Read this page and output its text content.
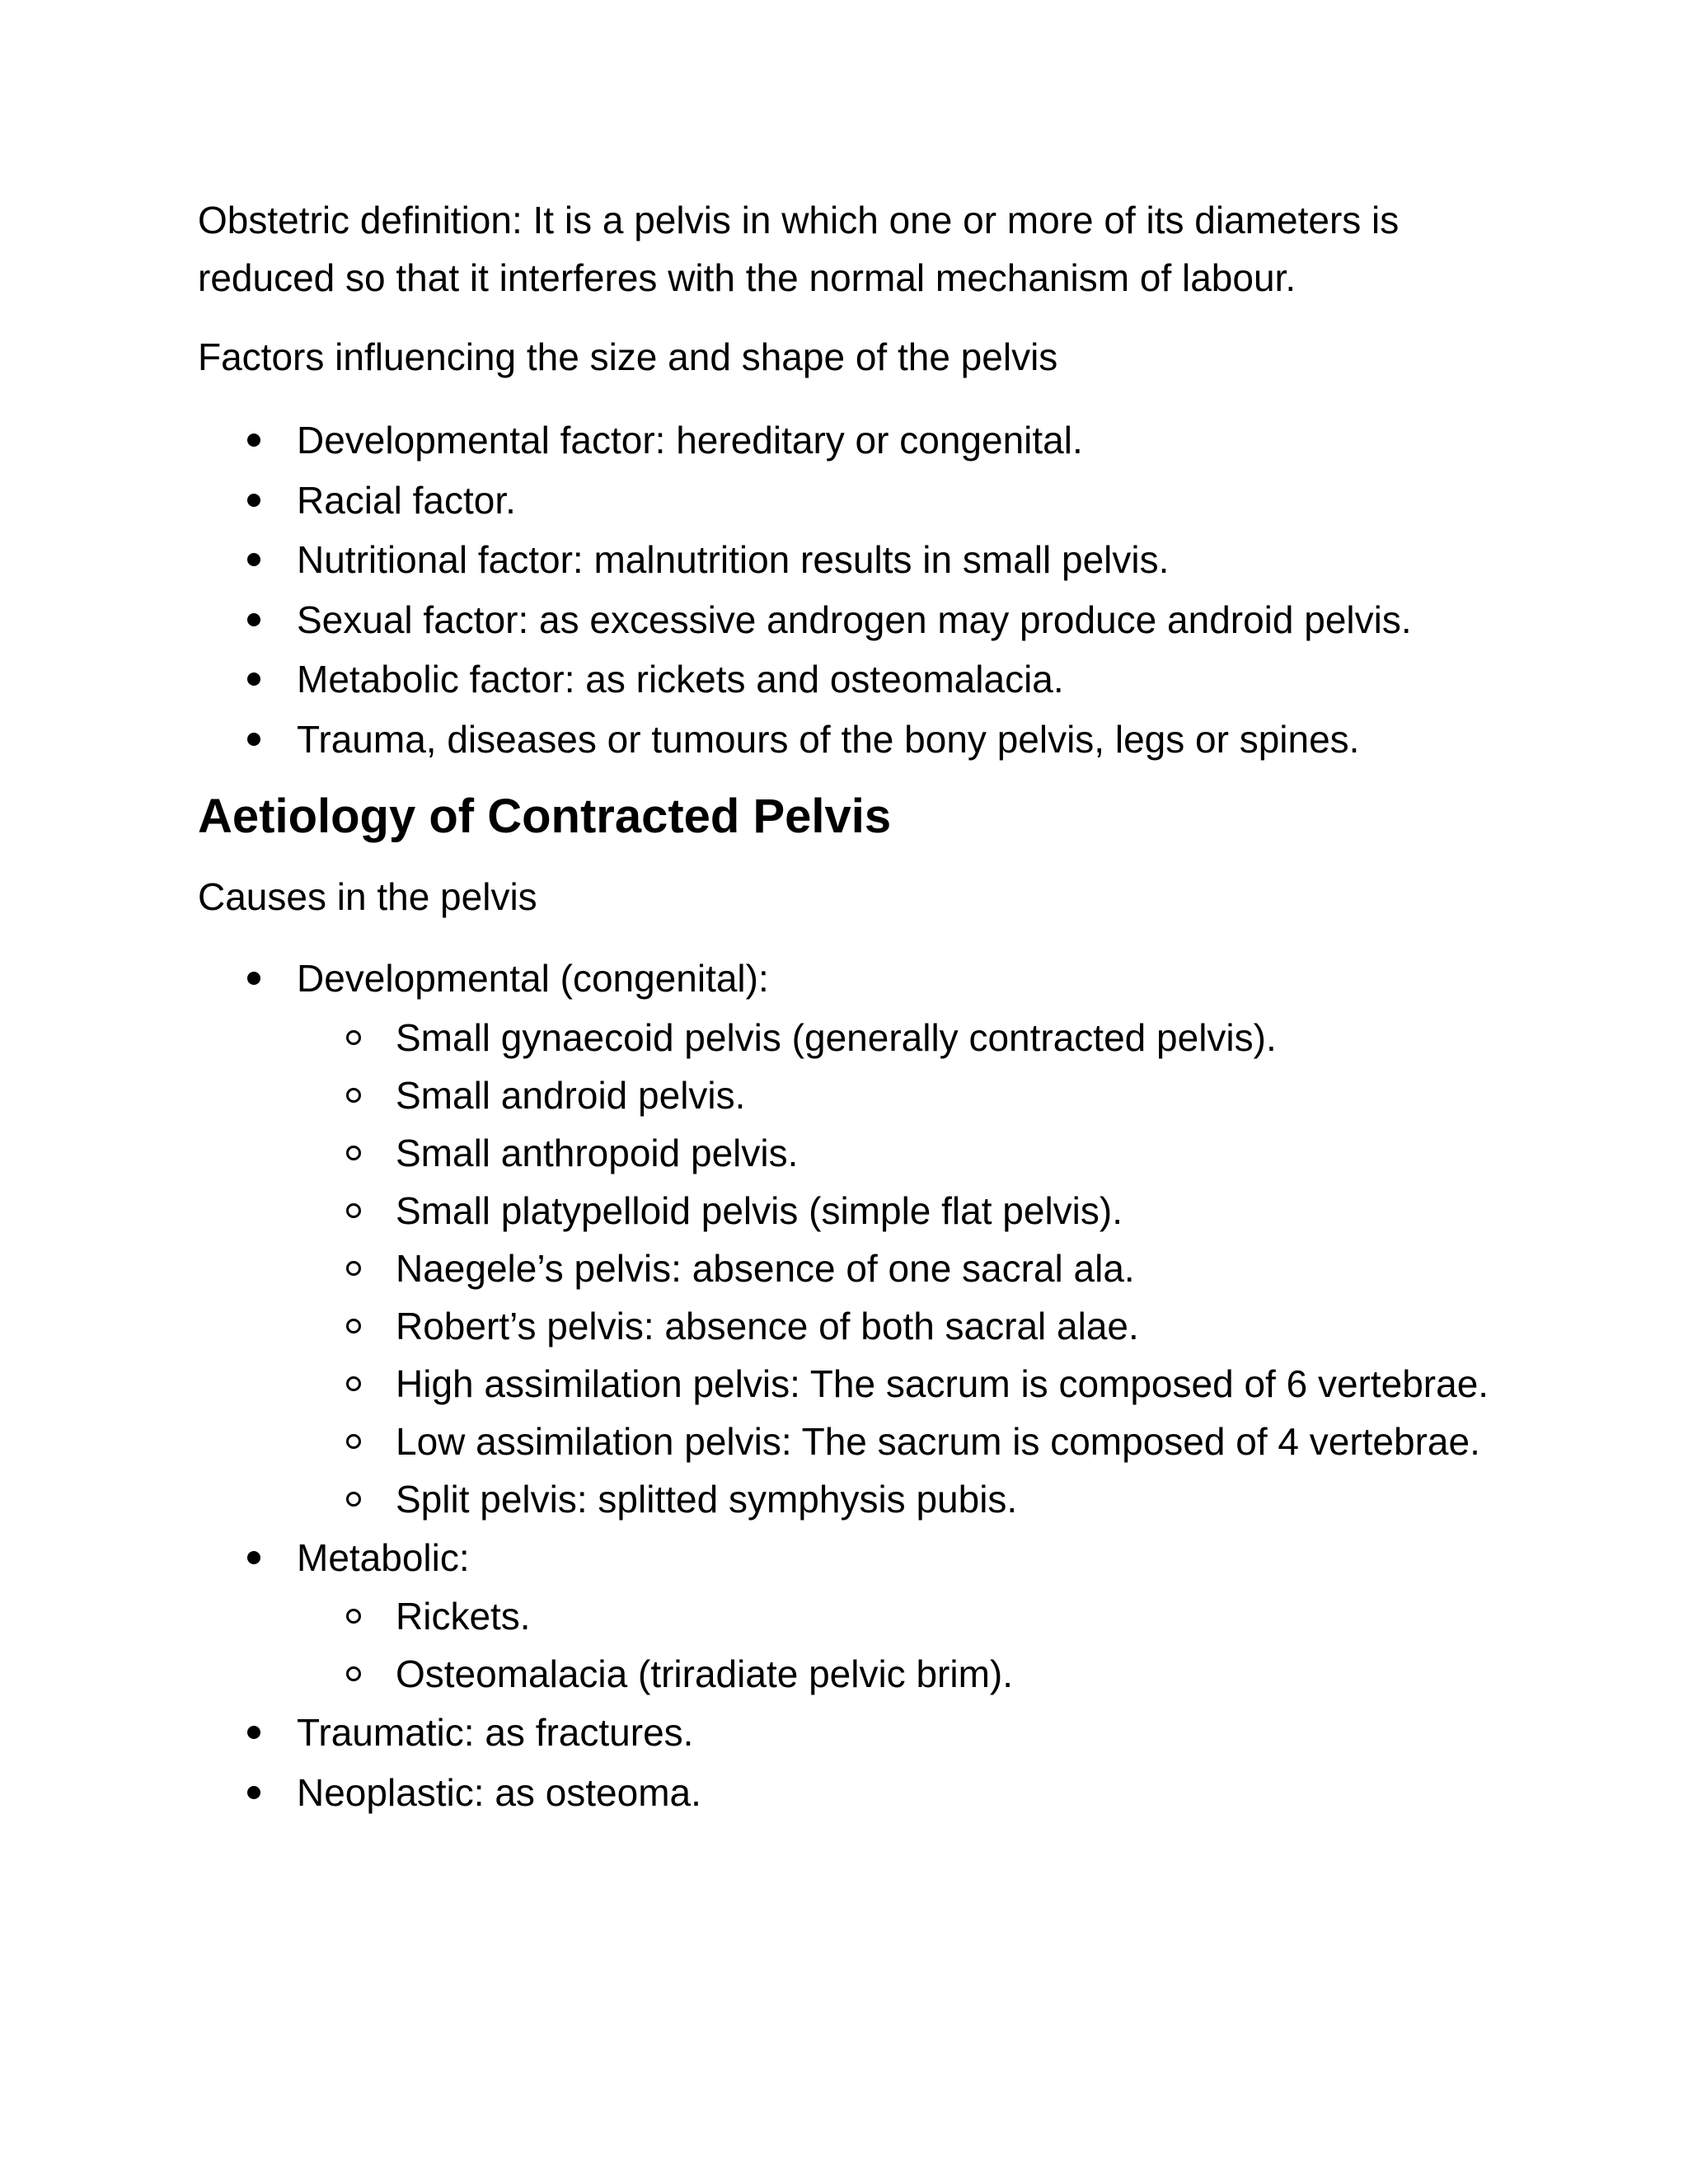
Obstetric definition: It is a pelvis in which one or more of its diameters is reduced so that it interferes with the normal mechanism of labour.

Factors influencing the size and shape of the pelvis

Developmental factor: hereditary or congenital.
Racial factor.
Nutritional factor: malnutrition results in small pelvis.
Sexual factor: as excessive androgen may produce android pelvis.
Metabolic factor: as rickets and osteomalacia.
Trauma, diseases or tumours of the bony pelvis, legs or spines.
Aetiology of Contracted Pelvis

Causes in the pelvis

Developmental (congenital):
Small gynaecoid pelvis (generally contracted pelvis).
Small android pelvis.
Small anthropoid pelvis.
Small platypelloid pelvis (simple flat pelvis).
Naegele’s pelvis: absence of one sacral ala.
Robert’s pelvis: absence of both sacral alae.
High assimilation pelvis: The sacrum is composed of 6 vertebrae.
Low assimilation pelvis: The sacrum is composed of 4 vertebrae.
Split pelvis: splitted symphysis pubis.
Metabolic:
Rickets.
Osteomalacia (triradiate pelvic brim).
Traumatic: as fractures.
Neoplastic: as osteoma.
